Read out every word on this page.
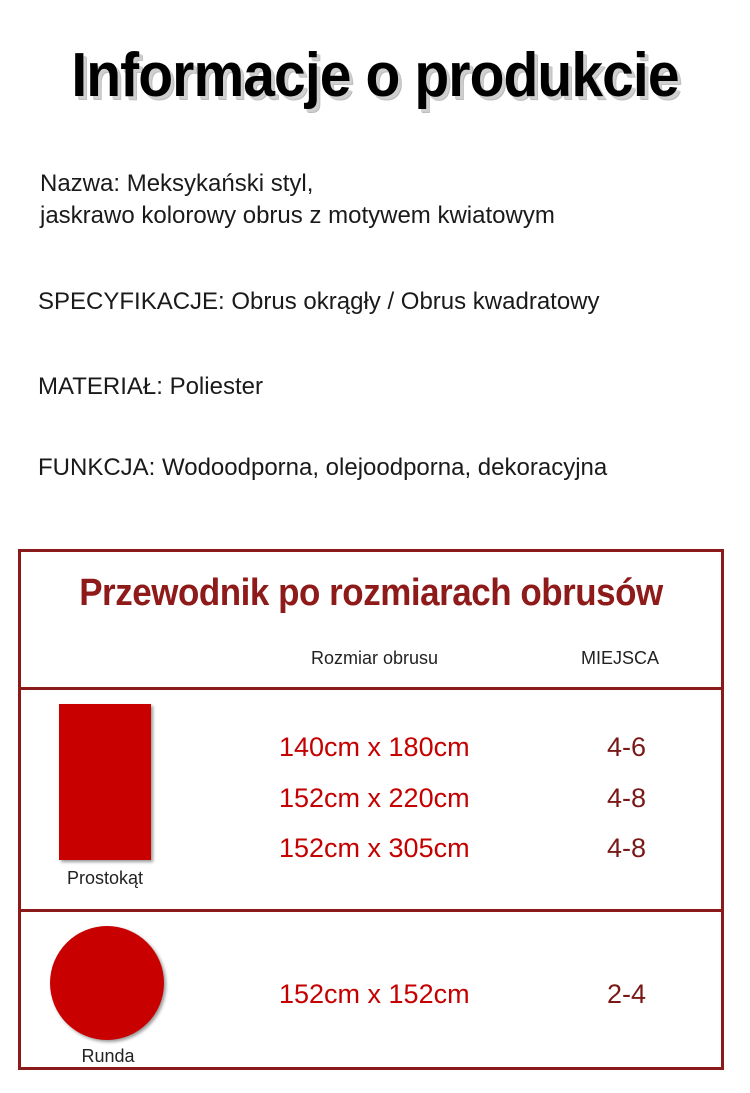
Informacje o produkcie
Nazwa: Meksykański styl,
jaskrawo kolorowy obrus z motywem kwiatowym
SPECYFIKACJE: Obrus okrągły / Obrus kwadratowy
MATERIAŁ: Poliester
FUNKCJA: Wodoodporna, olejoodporna, dekoracyjna
Przewodnik po rozmiarach obrusów
Rozmiar obrusu	MIEJSCA
Prostokąt
140cm x 180cm	4-6
152cm x 220cm	4-8
152cm x 305cm	4-8
Runda
152cm x 152cm	2-4
